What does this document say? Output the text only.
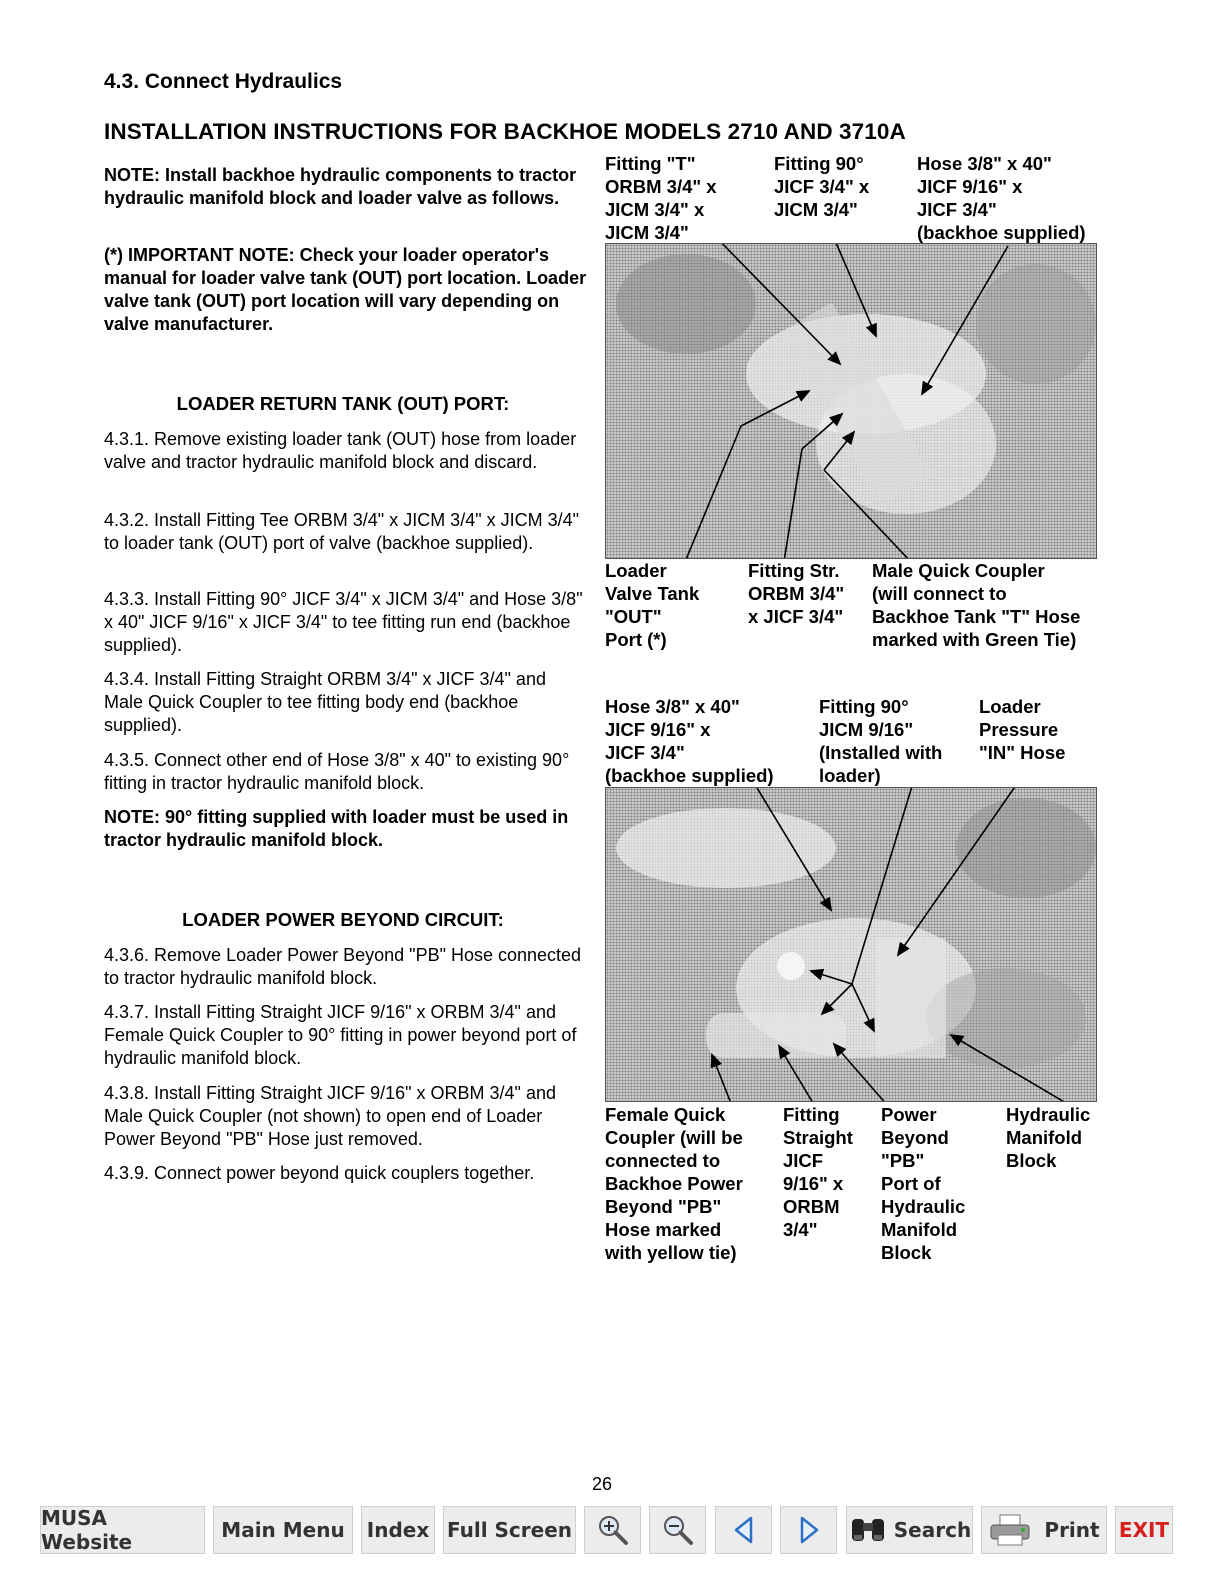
4.3. Connect Hydraulics
INSTALLATION INSTRUCTIONS FOR BACKHOE MODELS 2710 AND 3710A
NOTE: Install backhoe hydraulic components to tractor hydraulic manifold block and loader valve as follows.
(*) IMPORTANT NOTE: Check your loader operator's manual for loader valve tank (OUT) port location. Loader valve tank (OUT) port location will vary depending on valve manufacturer.
LOADER RETURN TANK (OUT) PORT:
4.3.1. Remove existing loader tank (OUT) hose from loader valve and tractor hydraulic manifold block and discard.
4.3.2. Install Fitting Tee ORBM 3/4" x JICM 3/4" x JICM 3/4" to loader tank (OUT) port of valve (backhoe supplied).
4.3.3. Install Fitting 90° JICF 3/4" x JICM 3/4" and Hose 3/8" x 40" JICF 9/16" x JICF 3/4" to tee fitting run end (backhoe supplied).
4.3.4. Install Fitting Straight ORBM 3/4" x JICF 3/4" and Male Quick Coupler to tee fitting body end (backhoe supplied).
4.3.5. Connect other end of Hose 3/8" x 40" to existing 90° fitting in tractor hydraulic manifold block.
NOTE: 90° fitting supplied with loader must be used in tractor hydraulic manifold block.
LOADER POWER BEYOND CIRCUIT:
4.3.6. Remove Loader Power Beyond "PB" Hose connected to tractor hydraulic manifold block.
4.3.7. Install Fitting Straight JICF 9/16" x ORBM 3/4" and Female Quick Coupler to 90° fitting in power beyond port of hydraulic manifold block.
4.3.8. Install Fitting Straight JICF 9/16" x ORBM 3/4" and Male Quick Coupler (not shown) to open end of Loader Power Beyond "PB" Hose just removed.
4.3.9. Connect power beyond quick couplers together.
Fitting "T"
ORBM 3/4" x
JICM 3/4" x
JICM 3/4"
Fitting 90°
JICF 3/4" x
JICM 3/4"
Hose 3/8" x 40"
JICF 9/16" x
JICF 3/4"
(backhoe supplied)
Loader
Valve Tank
"OUT"
Port (*)
Fitting Str.
ORBM 3/4"
x JICF 3/4"
Male Quick Coupler
(will connect to
Backhoe Tank "T" Hose
marked with Green Tie)
Hose 3/8" x 40"
JICF 9/16" x
JICF 3/4"
(backhoe supplied)
Fitting 90°
JICM 9/16"
(Installed with
loader)
Loader
Pressure
"IN" Hose
Female Quick
Coupler (will be
connected to
Backhoe Power
Beyond "PB"
Hose marked
with yellow tie)
Fitting
Straight
JICF
9/16" x
ORBM
3/4"
Power
Beyond
"PB"
Port of
Hydraulic
Manifold
Block
Hydraulic
Manifold
Block
26
MUSA Website	Main Menu Index Full Screen	Search	Print EXIT
